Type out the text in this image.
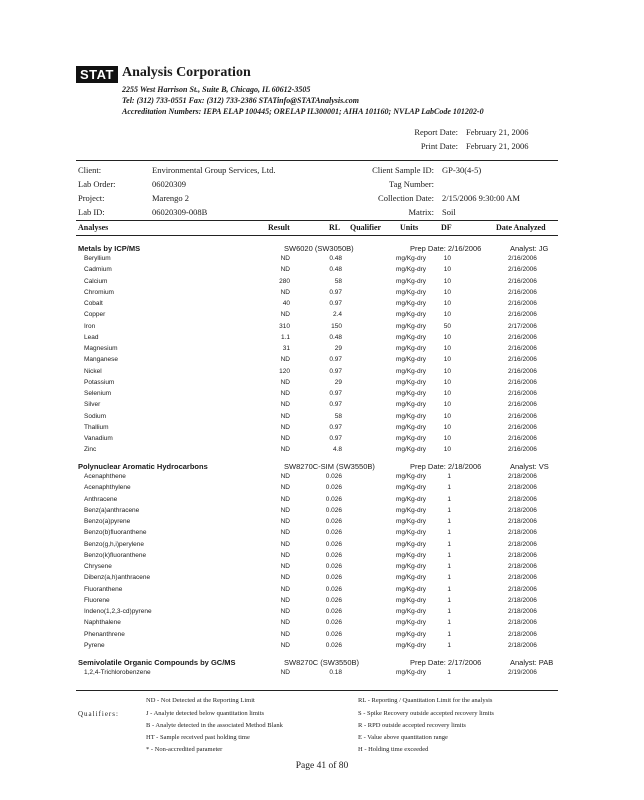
STAT Analysis Corporation
2255 West Harrison St., Suite B, Chicago, IL 60612-3505
Tel: (312) 733-0551 Fax: (312) 733-2386 STATinfo@STATAnalysis.com
Accreditation Numbers: IEPA ELAP 100445; ORELAP IL300001; AIHA 101160; NVLAP LabCode 101202-0
Report Date: February 21, 2006
Print Date: February 21, 2006
Client:	Environmental Group Services, Ltd.	Client Sample ID: GP-30(4-5)
Lab Order:	06020309	Tag Number:
Project:	Marengo 2	Collection Date: 2/15/2006 9:30:00 AM
Lab ID:	06020309-008B	Matrix: Soil
Analyses	Result	RL Qualifier Units	DF	Date Analyzed
Metals by ICP/MS	SW6020 (SW3050B)	Prep Date: 2/16/2006	Analyst: JG
Beryllium	ND	0.48	mg/Kg-dry	10	2/16/2006
Cadmium	ND	0.48	mg/Kg-dry	10	2/16/2006
Calcium	280	58	mg/Kg-dry	10	2/16/2006
Chromium	ND	0.97	mg/Kg-dry	10	2/16/2006
Cobalt	40	0.97	mg/Kg-dry	10	2/16/2006
Copper	ND	2.4	mg/Kg-dry	10	2/16/2006
Iron	310	150	mg/Kg-dry	50	2/17/2006
Lead	1.1	0.48	mg/Kg-dry	10	2/16/2006
Magnesium	31	29	mg/Kg-dry	10	2/16/2006
Manganese	ND	0.97	mg/Kg-dry	10	2/16/2006
Nickel	120	0.97	mg/Kg-dry	10	2/16/2006
Potassium	ND	29	mg/Kg-dry	10	2/16/2006
Selenium	ND	0.97	mg/Kg-dry	10	2/16/2006
Silver	ND	0.97	mg/Kg-dry	10	2/16/2006
Sodium	ND	58	mg/Kg-dry	10	2/16/2006
Thallium	ND	0.97	mg/Kg-dry	10	2/16/2006
Vanadium	ND	0.97	mg/Kg-dry	10	2/16/2006
Zinc	ND	4.8	mg/Kg-dry	10	2/16/2006
Polynuclear Aromatic Hydrocarbons	SW8270C-SIM (SW3550B)	Prep Date: 2/18/2006	Analyst: VS
Acenaphthene	ND	0.026	mg/Kg-dry	1	2/18/2006
Acenaphthylene	ND	0.026	mg/Kg-dry	1	2/18/2006
Anthracene	ND	0.026	mg/Kg-dry	1	2/18/2006
Benz(a)anthracene	ND	0.026	mg/Kg-dry	1	2/18/2006
Benzo(a)pyrene	ND	0.026	mg/Kg-dry	1	2/18/2006
Benzo(b)fluoranthene	ND	0.026	mg/Kg-dry	1	2/18/2006
Benzo(g,h,i)perylene	ND	0.026	mg/Kg-dry	1	2/18/2006
Benzo(k)fluoranthene	ND	0.026	mg/Kg-dry	1	2/18/2006
Chrysene	ND	0.026	mg/Kg-dry	1	2/18/2006
Dibenz(a,h)anthracene	ND	0.026	mg/Kg-dry	1	2/18/2006
Fluoranthene	ND	0.026	mg/Kg-dry	1	2/18/2006
Fluorene	ND	0.026	mg/Kg-dry	1	2/18/2006
Indeno(1,2,3-cd)pyrene	ND	0.026	mg/Kg-dry	1	2/18/2006
Naphthalene	ND	0.026	mg/Kg-dry	1	2/18/2006
Phenanthrene	ND	0.026	mg/Kg-dry	1	2/18/2006
Pyrene	ND	0.026	mg/Kg-dry	1	2/18/2006
Semivolatile Organic Compounds by GC/MS	SW8270C (SW3550B)	Prep Date: 2/17/2006	Analyst: PAB
1,2,4-Trichlorobenzene	ND	0.18	mg/Kg-dry	1	2/19/2006
Qualifiers:
ND - Not Detected at the Reporting Limit
J - Analyte detected below quantitation limits
B - Analyte detected in the associated Method Blank
HT - Sample received past holding time
* - Non-accredited parameter
RL - Reporting / Quantitation Limit for the analysis
S - Spike Recovery outside accepted recovery limits
R - RPD outside accepted recovery limits
E - Value above quantitation range
H - Holding time exceeded
Page 41 of 80
